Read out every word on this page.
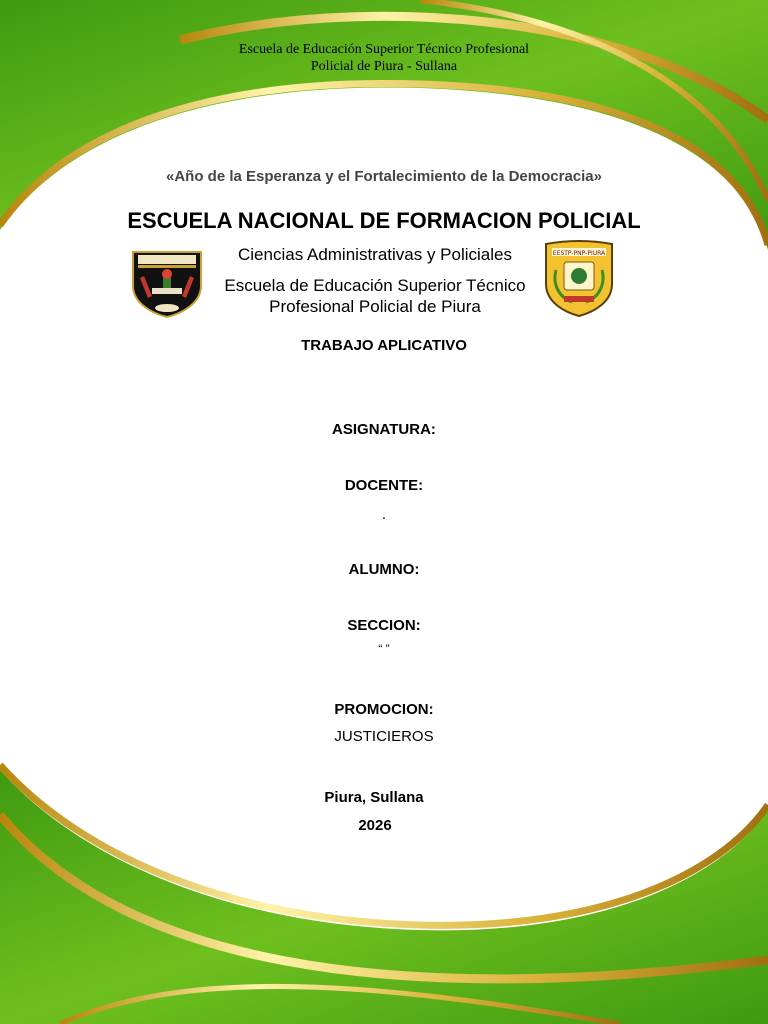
Escuela de Educación Superior Técnico Profesional
Policial de Piura - Sullana
«Año de la Esperanza y el Fortalecimiento de la Democracia»
ESCUELA NACIONAL DE FORMACION POLICIAL
EESTP-PNP-PIURA
Ciencias Administrativas y Policiales
Escuela de Educación Superior Técnico
Profesional Policial de Piura
TRABAJO APLICATIVO
ASIGNATURA:
DOCENTE:
.
ALUMNO:
SECCION:
“ ”
PROMOCION:
JUSTICIEROS
Piura, Sullana
2026
